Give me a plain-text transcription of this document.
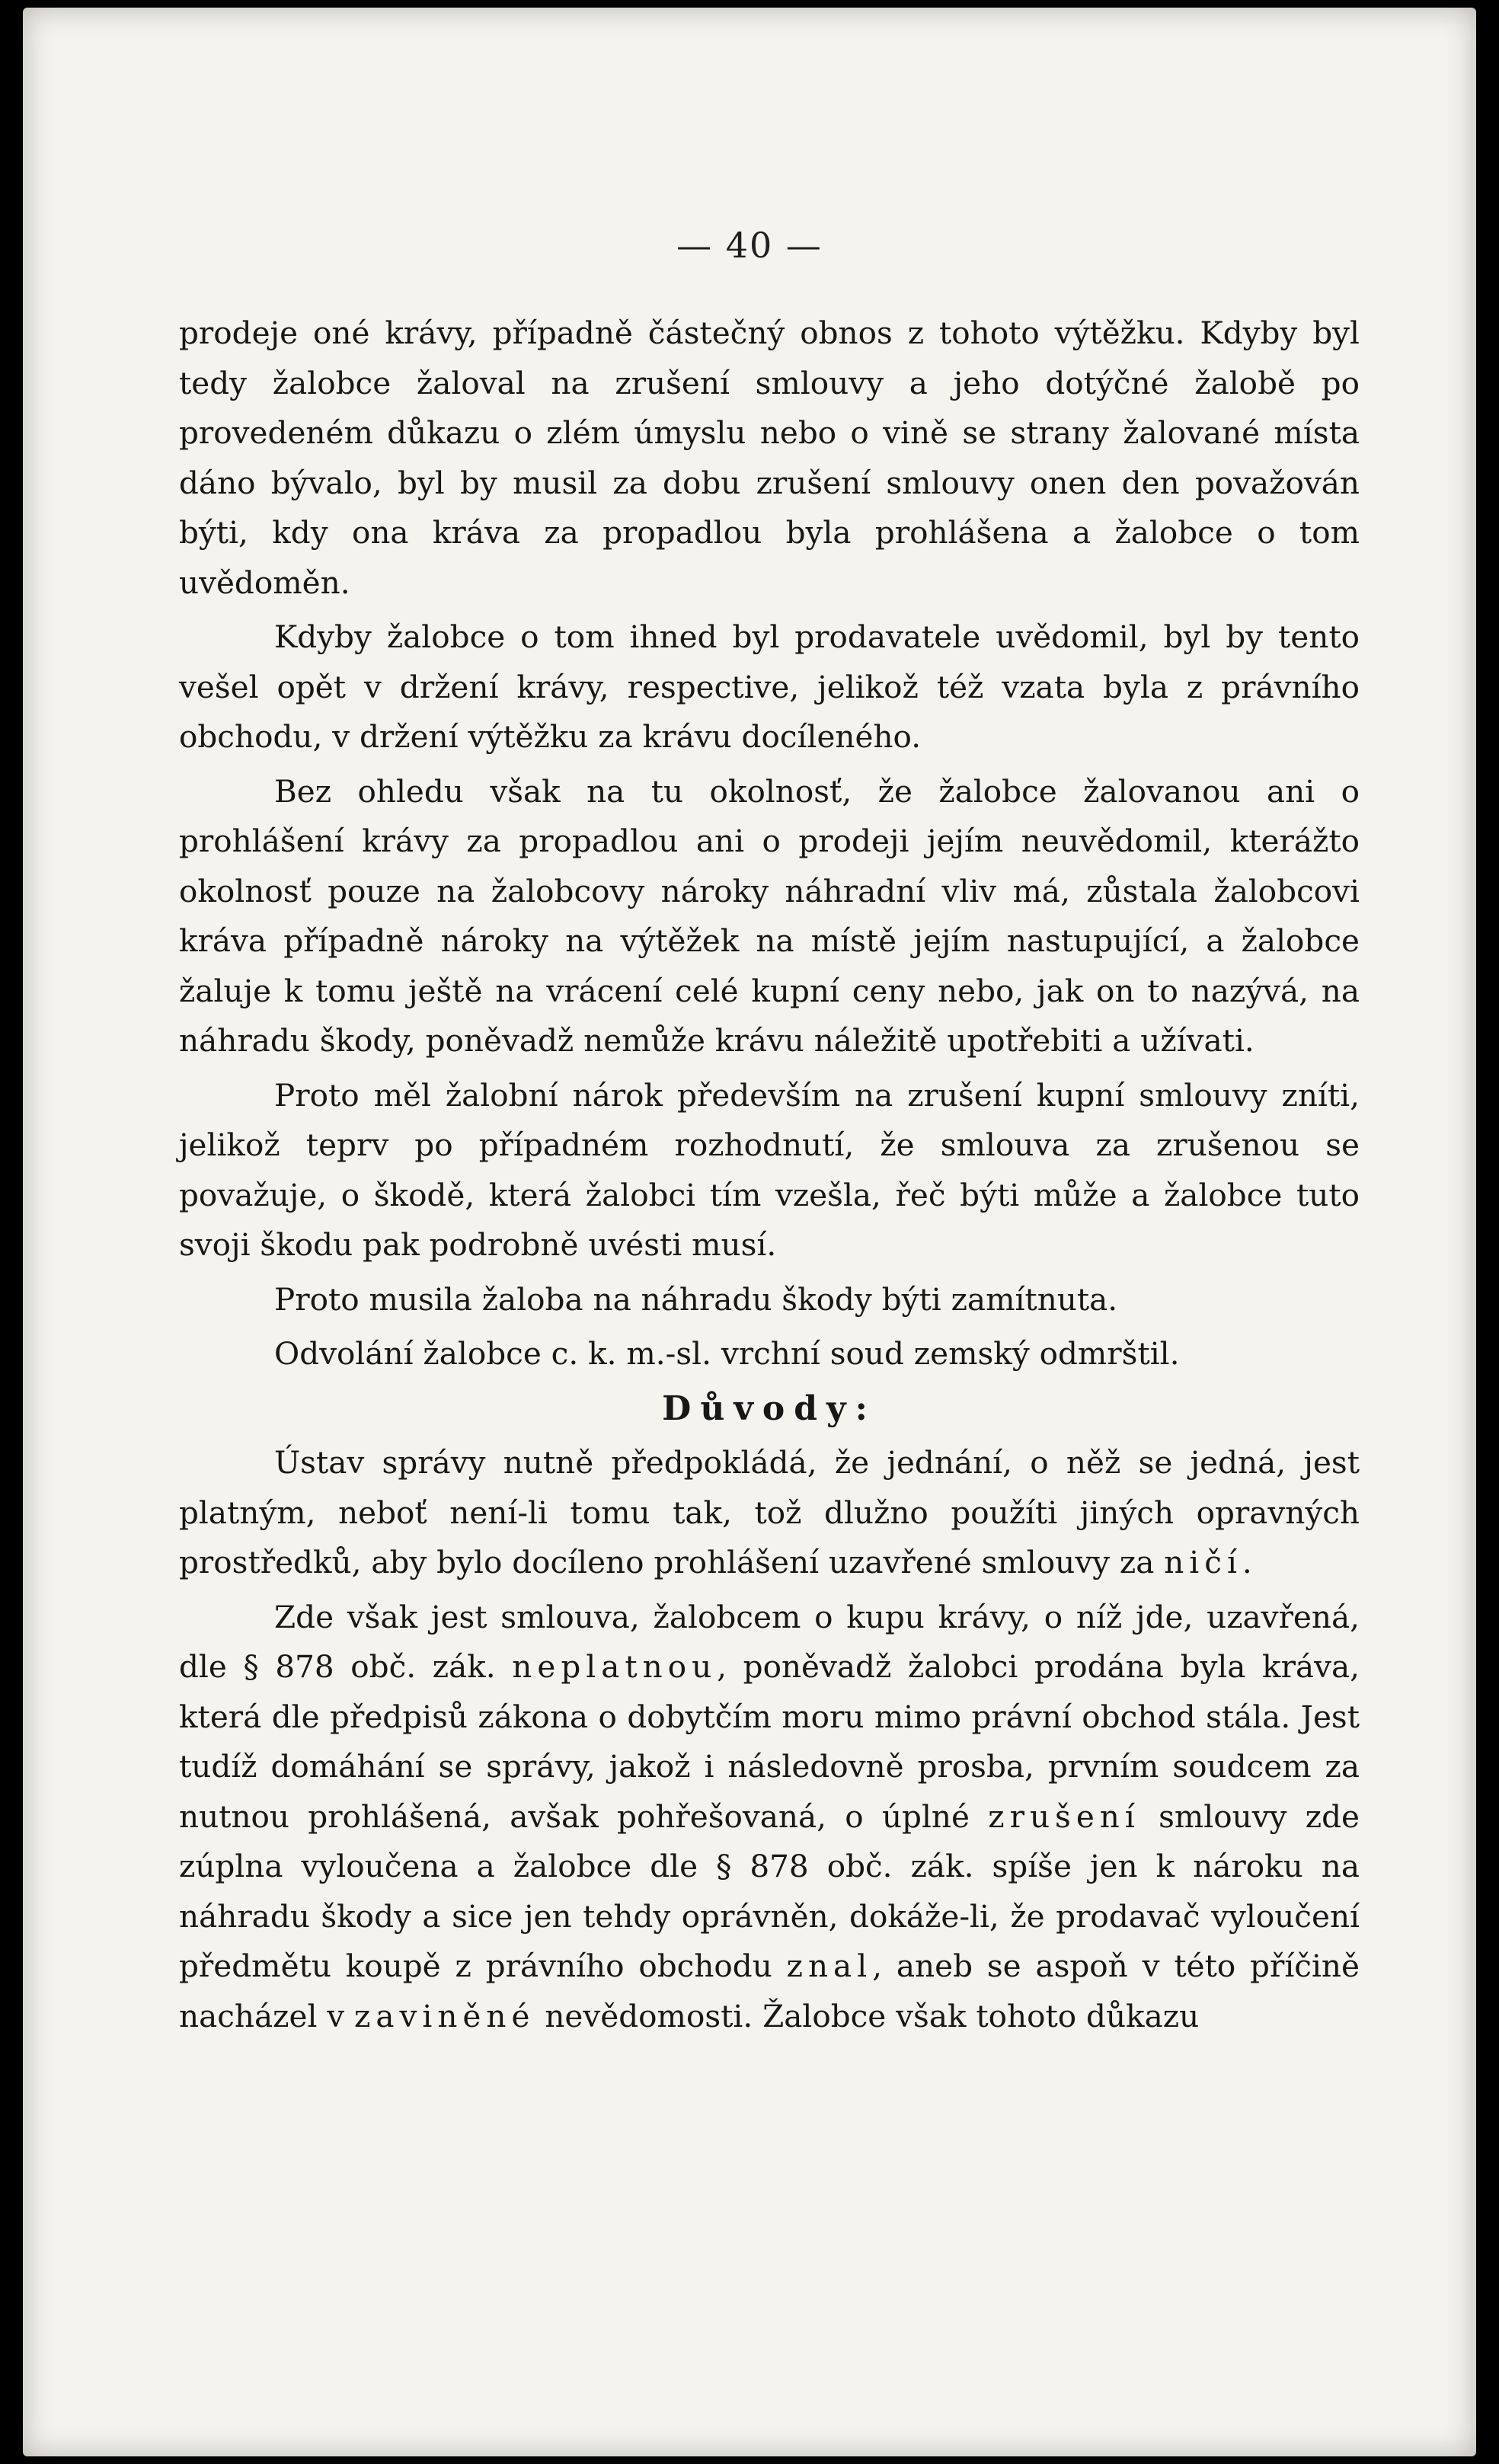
— 40 —

prodeje oné krávy, případně částečný obnos z tohoto výtěžku. Kdyby byl tedy žalobce žaloval na zrušení smlouvy a jeho dotýčné žalobě po provedeném důkazu o zlém úmyslu nebo o vině se strany žalované místa dáno bývalo, byl by musil za dobu zrušení smlouvy onen den považován býti, kdy ona kráva za propadlou byla prohlášena a žalobce o tom uvědoměn.

Kdyby žalobce o tom ihned byl prodavatele uvědomil, byl by tento vešel opět v držení krávy, respective, jelikož též vzata byla z právního obchodu, v držení výtěžku za krávu docíleného.

Bez ohledu však na tu okolnosť, že žalobce žalovanou ani o prohlášení krávy za propadlou ani o prodeji jejím neuvědomil, kterážto okolnosť pouze na žalobcovy nároky náhradní vliv má, zůstala žalobcovi kráva případně nároky na výtěžek na místě jejím nastupující, a žalobce žaluje k tomu ještě na vrácení celé kupní ceny nebo, jak on to nazývá, na náhradu škody, poněvadž nemůže krávu náležitě upotřebiti a užívati.

Proto měl žalobní nárok především na zrušení kupní smlouvy zníti, jelikož teprv po případném rozhodnutí, že smlouva za zrušenou se považuje, o škodě, která žalobci tím vzešla, řeč býti může a žalobce tuto svoji škodu pak podrobně uvésti musí.

Proto musila žaloba na náhradu škody býti zamítnuta.

Odvolání žalobce c. k. m.-sl. vrchní soud zemský odmrštil.

Důvody:

Ústav správy nutně předpokládá, že jednání, o něž se jedná, jest platným, neboť není-li tomu tak, tož dlužno použíti jiných opravných prostředků, aby bylo docíleno prohlášení uzavřené smlouvy za ničí.

Zde však jest smlouva, žalobcem o kupu krávy, o níž jde, uzavřená, dle § 878 obč. zák. neplatnou, poněvadž žalobci prodána byla kráva, která dle předpisů zákona o dobytčím moru mimo právní obchod stála. Jest tudíž domáhání se správy, jakož i následovně prosba, prvním soudcem za nutnou prohlášená, avšak pohřešovaná, o úplné zrušení smlouvy zde zúplna vyloučena a žalobce dle § 878 obč. zák. spíše jen k nároku na náhradu škody a sice jen tehdy oprávněn, dokáže-li, že prodavač vyloučení předmětu koupě z právního obchodu znal, aneb se aspoň v této příčině nacházel v zaviněné nevědomosti. Žalobce však tohoto důkazu
